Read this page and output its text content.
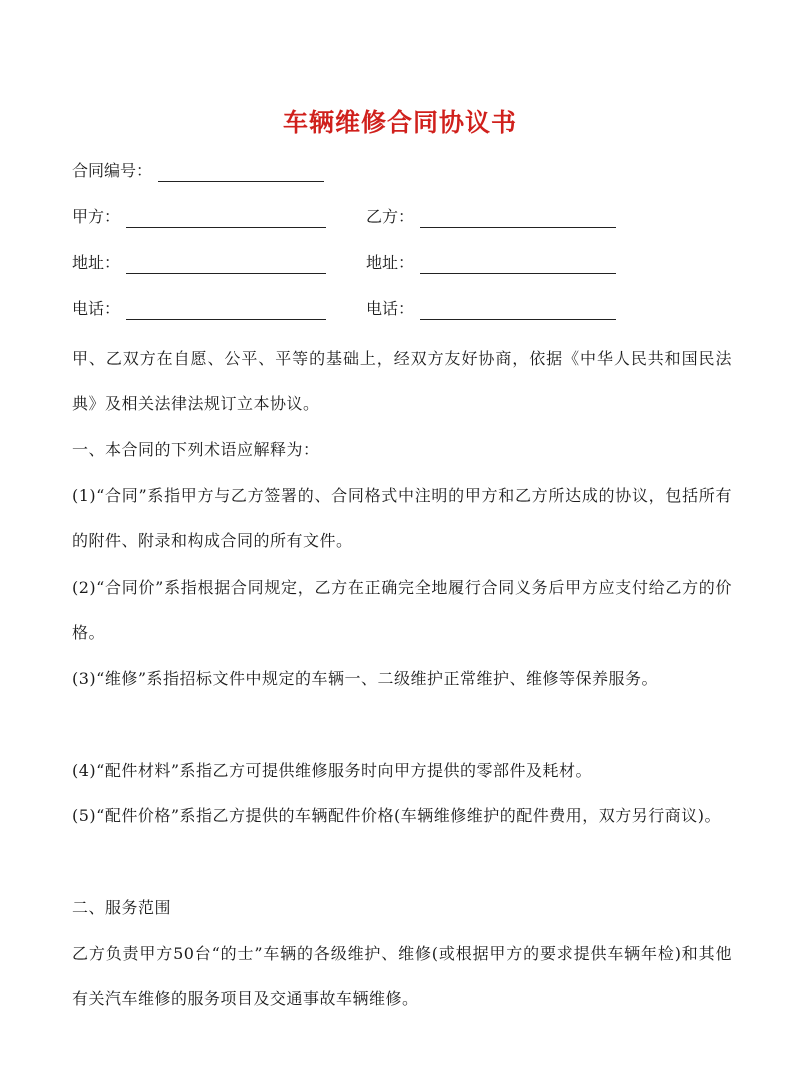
车辆维修合同协议书
合同编号：
甲方：	乙方：
地址：	地址：
电话：	电话：
甲、乙双方在自愿、公平、平等的基础上，经双方友好协商，依据《中华人民共和国民法典》及相关法律法规订立本协议。
一、本合同的下列术语应解释为：
(1)“合同”系指甲方与乙方签署的、合同格式中注明的甲方和乙方所达成的协议，包括所有的附件、附录和构成合同的所有文件。
(2)“合同价”系指根据合同规定，乙方在正确完全地履行合同义务后甲方应支付给乙方的价格。
(3)“维修”系指招标文件中规定的车辆一、二级维护正常维护、维修等保养服务。
(4)“配件材料”系指乙方可提供维修服务时向甲方提供的零部件及耗材。
(5)“配件价格”系指乙方提供的车辆配件价格(车辆维修维护的配件费用，双方另行商议)。
二、服务范围
乙方负责甲方50台“的士”车辆的各级维护、维修(或根据甲方的要求提供车辆年检)和其他有关汽车维修的服务项目及交通事故车辆维修。
